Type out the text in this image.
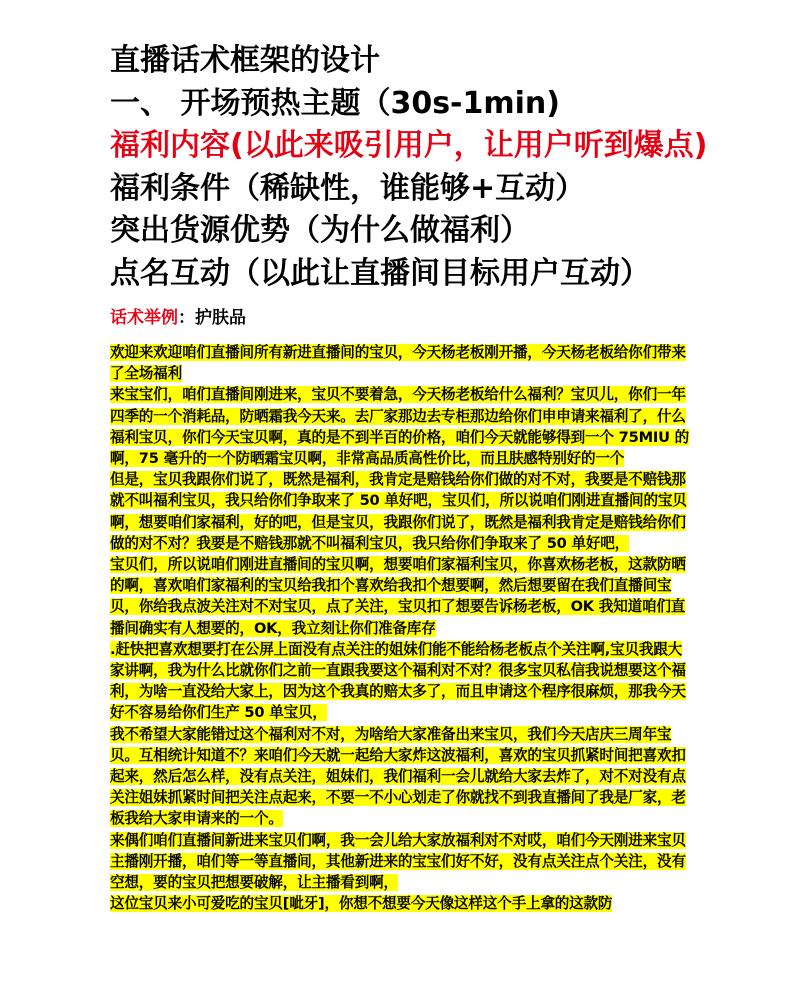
直播话术框架的设计
一、 开场预热主题（30s-1min)
福利内容(以此来吸引用户，让用户听到爆点)
福利条件（稀缺性，谁能够+互动）
突出货源优势（为什么做福利）
点名互动（以此让直播间目标用户互动）
话术举例：护肤品

欢迎来欢迎咱们直播间所有新进直播间的宝贝，今天杨老板刚开播，今天杨老板给你们带来了全场福利

来宝宝们，咱们直播间刚进来，宝贝不要着急，今天杨老板给什么福利？宝贝儿，你们一年四季的一个消耗品，防晒霜我今天来。去厂家那边去专柜那边给你们申申请来福利了，什么福利宝贝，你们今天宝贝啊，真的是不到半百的价格，咱们今天就能够得到一个 75MIU 的啊，75 毫升的一个防晒霜宝贝啊，非常高品质高性价比，而且肤感特别好的一个

但是，宝贝我跟你们说了，既然是福利，我肯定是赔钱给你们做的对不对，我要是不赔钱那就不叫福利宝贝，我只给你们争取来了 50 单好吧，宝贝们，所以说咱们刚进直播间的宝贝啊，想要咱们家福利，好的吧，但是宝贝，我跟你们说了，既然是福利我肯定是赔钱给你们做的对不对？我要是不赔钱那就不叫福利宝贝，我只给你们争取来了 50 单好吧，

宝贝们，所以说咱们刚进直播间的宝贝啊，想要咱们家福利宝贝，你喜欢杨老板，这款防晒的啊，喜欢咱们家福利的宝贝给我扣个喜欢给我扣个想要啊，然后想要留在我们直播间宝贝，你给我点波关注对不对宝贝，点了关注，宝贝扣了想要告诉杨老板，OK 我知道咱们直播间确实有人想要的，OK，我立刻让你们准备库存

.赶快把喜欢想要打在公屏上面没有点关注的姐妹们能不能给杨老板点个关注啊,宝贝我跟大家讲啊，我为什么比就你们之前一直跟我要这个福利对不对？很多宝贝私信我说想要这个福利，为啥一直没给大家上，因为这个我真的赔太多了，而且申请这个程序很麻烦，那我今天好不容易给你们生产 50 单宝贝，

我不希望大家能错过这个福利对不对，为啥给大家准备出来宝贝，我们今天店庆三周年宝贝。互相统计知道不？来咱们今天就一起给大家炸这波福利，喜欢的宝贝抓紧时间把喜欢扣起来，然后怎么样，没有点关注，姐妹们，我们福利一会儿就给大家去炸了，对不对没有点关注姐妹抓紧时间把关注点起来，不要一不小心划走了你就找不到我直播间了我是厂家，老板我给大家申请来的一个。

来偶们咱们直播间新进来宝贝们啊，我一会儿给大家放福利对不对哎，咱们今天刚进来宝贝主播刚开播，咱们等一等直播间，其他新进来的宝宝们好不好，没有点关注点个关注，没有空想，要的宝贝把想要破解，让主播看到啊，

这位宝贝来小可爱吃的宝贝[呲牙]，你想不想要今天像这样这个手上拿的这款防
